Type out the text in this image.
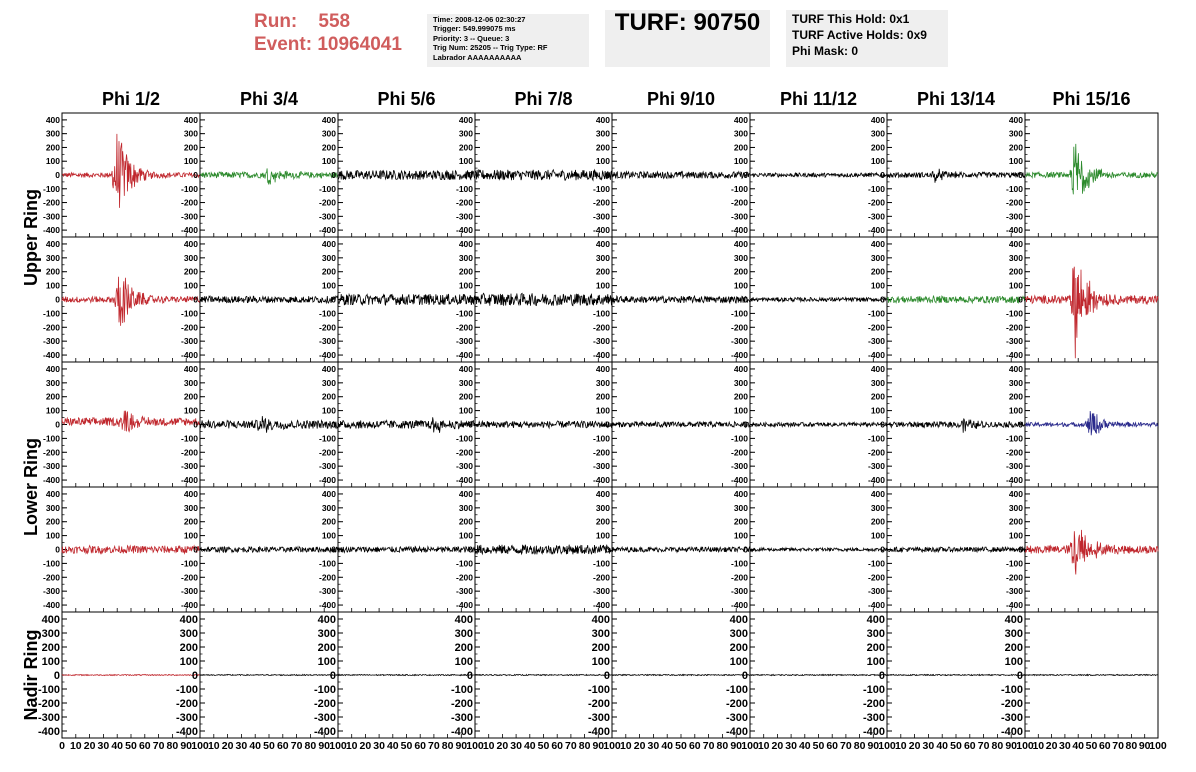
Run: 558
Event: 10964041
Time: 2008-12-06 02:30:27
Trigger: 549.999075 ms
Priority: 3 -- Queue: 3
Trig Num: 25205 -- Trig Type: RF
Labrador AAAAAAAAAA
TURF: 90750	TURF This Hold: 0x1
TURF Active Holds: 0x9
Phi Mask: 0
Phi 1/2	Phi 3/4	Phi 5/6	Phi 7/8	Phi 9/10	Phi 11/12	Phi 13/14	Phi 15/16
Upper Ring
Lower Ring
Nadir Ring
400
300
200
100
0
-100
-200
-300
-400
400
300
200
100
0
-100
-200
-300
-400
400
300
200
100
0
-100
-200
-300
-400
400
300
200
100
0
-100
-200
-300
-400
400
300
200
100
0
-100
-200
-300
-400
400
300
200
100
0
-100
-200
-300
-400
400
300
200
100
0
-100
-200
-300
-400
400
300
200
100
0
-100
-200
-300
-400
400
300
200
100
0
-100
-200
-300
-400
400
300
200
100
0
-100
-200
-300
-400
400
300
200
100
0
-100
-200
-300
-400
400
300
200
100
0
-100
-200
-300
-400
400
300
200
100
0
-100
-200
-300
-400
400
300
200
100
0
-100
-200
-300
-400
400
300
200
100
0
-100
-200
-300
-400
400
300
200
100
0
-100
-200
-300
-400
400
300
200
100
0
-100
-200
-300
-400
400
300
200
100
0
-100
-200
-300
-400
400
300
200
100
0
-100
-200
-300
-400
400
300
200
100
0
-100
-200
-300
-400
400
300
200
100
0
-100
-200
-300
-400
400
300
200
100
0
-100
-200
-300
-400
400
300
200
100
0
-100
-200
-300
-400
400
300
200
100
0
-100
-200
-300
-400
400
300
200
100
0
-100
-200
-300
-400
400
300
200
100
0
-100
-200
-300
-400
400
300
200
100
0
-100
-200
-300
-400
400
300
200
100
0
-100
-200
-300
-400
400
300
200
100
0
-100
-200
-300
-400
400
300
200
100
0
-100
-200
-300
-400
400
300
200
100
0
-100
-200
-300
-400
400
300
200
100
0
-100
-200
-300
-400
400
300
200
100
0
-100
-200
-300
-400
400
300
200
100
0
-100
-200
-300
-400
400
300
200
100
0
-100
-200
-300
-400
400
300
200
100
0
-100
-200
-300
-400
400
300
200
100
0
-100
-200
-300
-400
400
300
200
100
0
-100
-200
-300
-400
400
300
200
100
0
-100
-200
-300
-400
400
300
200
100
0
-100
-200
-300
-400
0 10 20 30 40 50 60 70 80 90 100 10 20 30 40 50 60 70 80 90 100 10 20 30 40 50 60 70 80 90 100 10 20 30 40 50 60 70 80 90 100 10 20 30 40 50 60 70 80 90 100 10 20 30 40 50 60 70 80 90 100 10 20 30 40 50 60 70 80 90 100
10 20 30 40 50 60 70 80 90
100
